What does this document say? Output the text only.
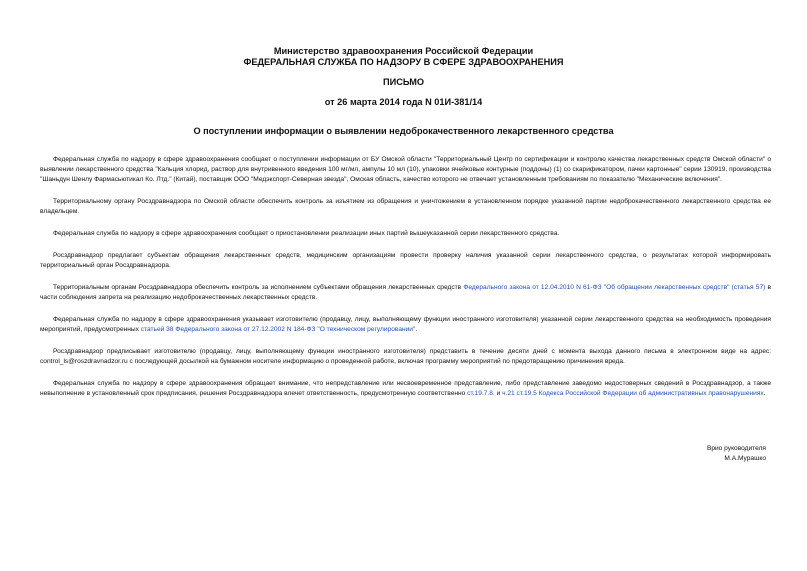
Министерство здравоохранения Российской Федерации
ФЕДЕРАЛЬНАЯ СЛУЖБА ПО НАДЗОРУ В СФЕРЕ ЗДРАВООХРАНЕНИЯ
ПИСЬМО
от 26 марта 2014 года N 01И-381/14
О поступлении информации о выявлении недоброкачественного лекарственного средства

Федеральная служба по надзору в сфере здравоохранения сообщает о поступлении информации от БУ Омской области "Территориальный Центр по сертификации и контролю качества лекарственных средств Омской области" о выявлении лекарственного средства "Кальция хлорид, раствор для внутривенного введения 100 мг/мл, ампулы 10 мл (10), упаковки ячейковые контурные (поддоны) (1) со скарификатором, пачки картонные" серии 130919, производства "Шаньдун Шенлу Фармасьютикал Ко. Лтд." (Китай), поставщик ООО "Медэкспорт-Северная звезда", Омская область, качество которого не отвечает установленным требованиям по показателю "Механические включения".

Территориальному органу Росздравнадзора по Омской области обеспечить контроль за изъятием из обращения и уничтожением в установленном порядке указанной партии недоброкачественного лекарственного средства ее владельцем.

Федеральная служба по надзору в сфере здравоохранения сообщает о приостановлении реализации иных партий вышеуказанной серии лекарственного средства.

Росздравнадзор предлагает субъектам обращения лекарственных средств, медицинским организациям провести проверку наличия указанной серии лекарственного средства, о результатах которой информировать территориальный орган Росздравнадзора.

Территориальным органам Росздравнадзора обеспечить контроль за исполнением субъектами обращения лекарственных средств Федерального закона от 12.04.2010 N 61-ФЗ "Об обращении лекарственных средств" (статья 57) в части соблюдения запрета на реализацию недоброкачественных лекарственных средств.

Федеральная служба по надзору в сфере здравоохранения указывает изготовителю (продавцу, лицу, выполняющему функции иностранного изготовителя) указанной серии лекарственного средства на необходимость проведения мероприятий, предусмотренных статьей 38 Федерального закона от 27.12.2002 N 184-ФЗ "О техническом регулировании".

Росздравнадзор предписывает изготовителю (продавцу, лицу, выполняющему функции иностранного изготовителя) представить в течение десяти дней с момента выхода данного письма в электронном виде на адрес: control_ls@roszdravnadzor.ru с последующей досылкой на бумажном носителе информацию о проведенной работе, включая программу мероприятий по предотвращению причинения вреда.

Федеральная служба по надзору в сфере здравоохранения обращает внимание, что непредставление или несвоевременное представление, либо представление заведомо недостоверных сведений в Росздравнадзор, а также невыполнение в установленный срок предписания, решения Росздравнадзора влечет ответственность, предусмотренную соответственно ст.19.7.8. и ч.21 ст.19.5 Кодекса Российской Федерации об административных правонарушениях.

Врио руководителя
М.А.Мурашко
